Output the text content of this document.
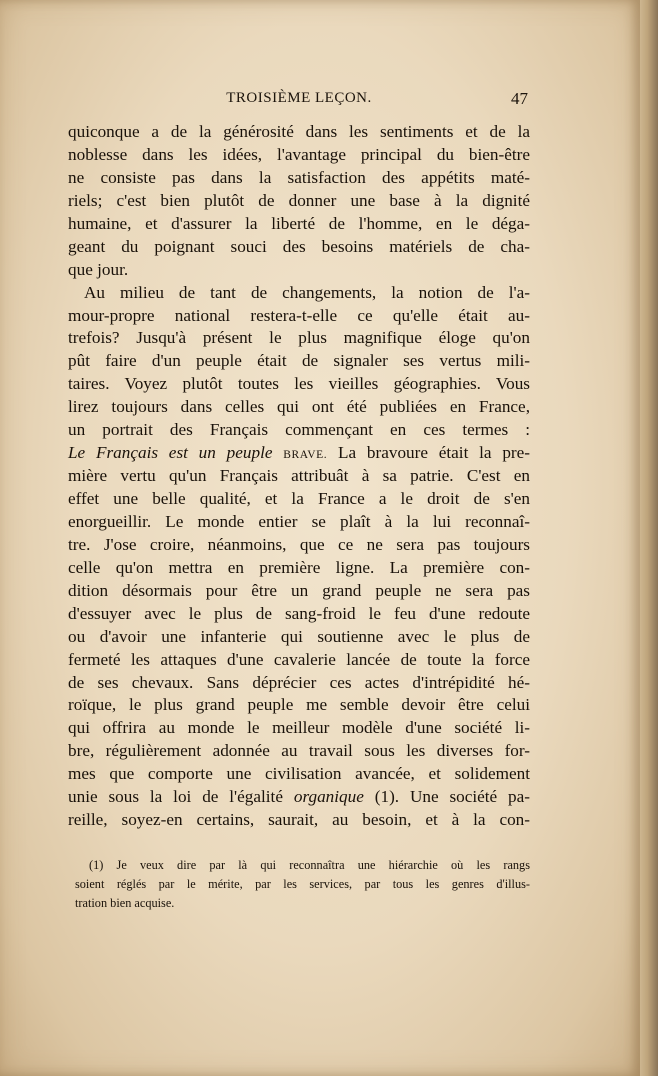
TROISIÈME LEÇON.	47
quiconque a de la générosité dans les sentiments et de la
noblesse dans les idées, l'avantage principal du bien-être
ne consiste pas dans la satisfaction des appétits maté-
riels; c'est bien plutôt de donner une base à la dignité
humaine, et d'assurer la liberté de l'homme, en le déga-
geant du poignant souci des besoins matériels de cha-
que jour.
Au milieu de tant de changements, la notion de l'a-
mour-propre national restera-t-elle ce qu'elle était au-
trefois? Jusqu'à présent le plus magnifique éloge qu'on
pût faire d'un peuple était de signaler ses vertus mili-
taires. Voyez plutôt toutes les vieilles géographies. Vous
lirez toujours dans celles qui ont été publiées en France,
un portrait des Français commençant en ces termes :
Le Français est un peuple BRAVE. La bravoure était la pre-
mière vertu qu'un Français attribuât à sa patrie. C'est en
effet une belle qualité, et la France a le droit de s'en
enorgueillir. Le monde entier se plaît à la lui reconnaî-
tre. J'ose croire, néanmoins, que ce ne sera pas toujours
celle qu'on mettra en première ligne. La première con-
dition désormais pour être un grand peuple ne sera pas
d'essuyer avec le plus de sang-froid le feu d'une redoute
ou d'avoir une infanterie qui soutienne avec le plus de
fermeté les attaques d'une cavalerie lancée de toute la force
de ses chevaux. Sans déprécier ces actes d'intrépidité hé-
roïque, le plus grand peuple me semble devoir être celui
qui offrira au monde le meilleur modèle d'une société li-
bre, régulièrement adonnée au travail sous les diverses for-
mes que comporte une civilisation avancée, et solidement
unie sous la loi de l'égalité organique (1). Une société pa-
reille, soyez-en certains, saurait, au besoin, et à la con-
(1) Je veux dire par là qui reconnaîtra une hiérarchie où les rangs
soient réglés par le mérite, par les services, par tous les genres d'illus-
tration bien acquise.
